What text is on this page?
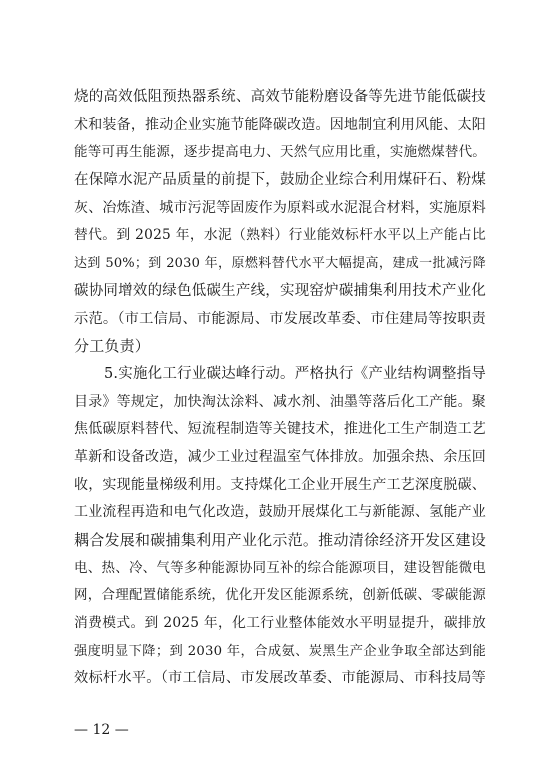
烧的高效低阻预热器系统、高效节能粉磨设备等先进节能低碳技
术和装备，推动企业实施节能降碳改造。因地制宜利用风能、太阳
能等可再生能源，逐步提高电力、天然气应用比重，实施燃煤替代。
在保障水泥产品质量的前提下，鼓励企业综合利用煤矸石、粉煤
灰、冶炼渣、城市污泥等固废作为原料或水泥混合材料，实施原料
替代。到 2025 年，水泥（熟料）行业能效标杆水平以上产能占比
达到 50%；到 2030 年，原燃料替代水平大幅提高，建成一批减污降
碳协同增效的绿色低碳生产线，实现窑炉碳捕集利用技术产业化
示范。（市工信局、市能源局、市发展改革委、市住建局等按职责
分工负责）
5.实施化工行业碳达峰行动。严格执行《产业结构调整指导
目录》等规定，加快淘汰涂料、减水剂、油墨等落后化工产能。聚
焦低碳原料替代、短流程制造等关键技术，推进化工生产制造工艺
革新和设备改造，减少工业过程温室气体排放。加强余热、余压回
收，实现能量梯级利用。支持煤化工企业开展生产工艺深度脱碳、
工业流程再造和电气化改造，鼓励开展煤化工与新能源、氢能产业
耦合发展和碳捕集利用产业化示范。推动清徐经济开发区建设
电、热、冷、气等多种能源协同互补的综合能源项目，建设智能微电
网，合理配置储能系统，优化开发区能源系统，创新低碳、零碳能源
消费模式。到 2025 年，化工行业整体能效水平明显提升，碳排放
强度明显下降；到 2030 年，合成氨、炭黑生产企业争取全部达到能
效标杆水平。（市工信局、市发展改革委、市能源局、市科技局等
— 12 —
